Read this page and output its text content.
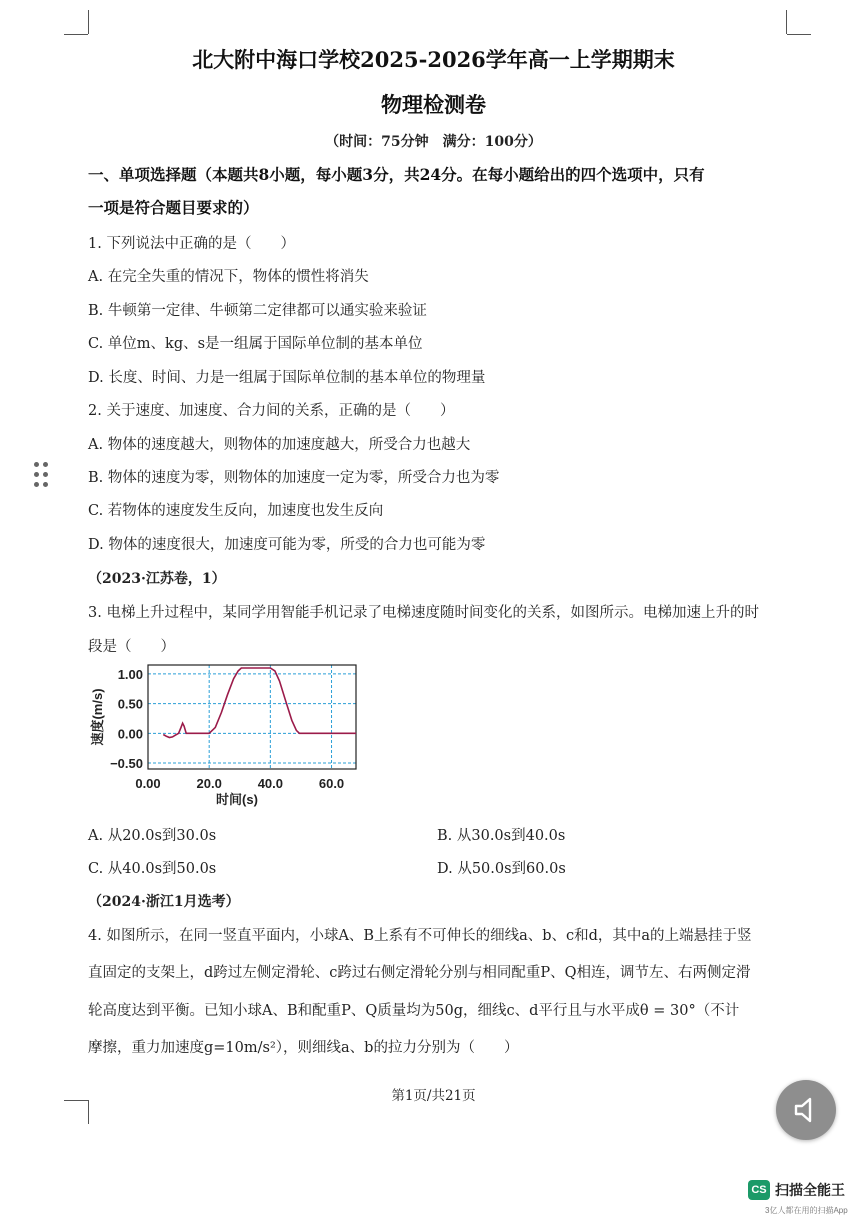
北大附中海口学校2025-2026学年高一上学期期末
物理检测卷
（时间：75分钟　满分：100分）
一、单项选择题（本题共8小题，每小题3分，共24分。在每小题给出的四个选项中，只有
一项是符合题目要求的）
1. 下列说法中正确的是（　　）
A. 在完全失重的情况下，物体的惯性将消失
B. 牛顿第一定律、牛顿第二定律都可以通实验来验证
C. 单位m、kg、s是一组属于国际单位制的基本单位
D. 长度、时间、力是一组属于国际单位制的基本单位的物理量
2. 关于速度、加速度、合力间的关系，正确的是（　　）
A. 物体的速度越大，则物体的加速度越大，所受合力也越大
B. 物体的速度为零，则物体的加速度一定为零，所受合力也为零
C. 若物体的速度发生反向，加速度也发生反向
D. 物体的速度很大，加速度可能为零，所受的合力也可能为零
（2023·江苏卷，1）
3. 电梯上升过程中，某同学用智能手机记录了电梯速度随时间变化的关系，如图所示。电梯加速上升的时
段是（　　）
1.00
0.50
0.00
−0.50
0.00	20.0	40.0	60.0
速度(m/s)
时间(s)
A. 从20.0s到30.0s	B. 从30.0s到40.0s
C. 从40.0s到50.0s	D. 从50.0s到60.0s
（2024·浙江1月选考）
4. 如图所示，在同一竖直平面内，小球A、B上系有不可伸长的细线a、b、c和d，其中a的上端悬挂于竖
直固定的支架上，d跨过左侧定滑轮、c跨过右侧定滑轮分别与相同配重P、Q相连，调节左、右两侧定滑
轮高度达到平衡。已知小球A、B和配重P、Q质量均为50g，细线c、d平行且与水平成θ = 30°（不计
摩擦，重力加速度g=10m/s²），则细线a、b的拉力分别为（　　）
第1页/共21页
CS 扫描全能王
3亿人都在用的扫描App
